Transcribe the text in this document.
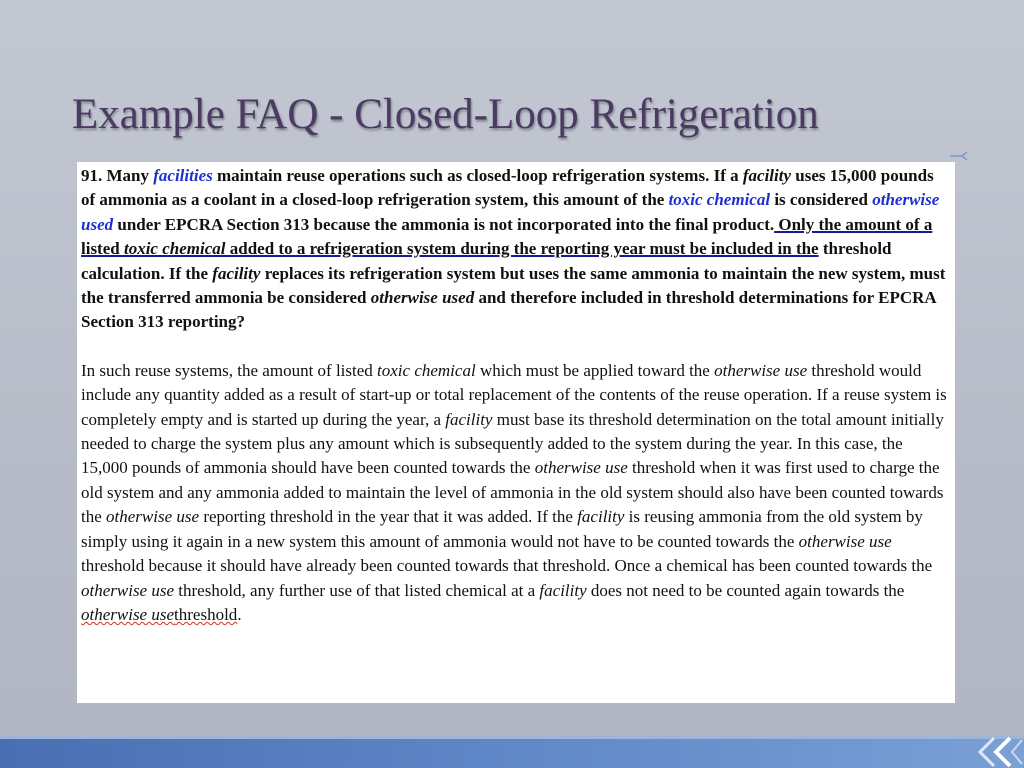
Example FAQ - Closed-Loop Refrigeration

91. Many facilities maintain reuse operations such as closed-loop refrigeration systems. If a facility uses 15,000 pounds of ammonia as a coolant in a closed-loop refrigeration system, this amount of the toxic chemical is considered otherwise used under EPCRA Section 313 because the ammonia is not incorporated into the final product. Only the amount of a listed toxic chemical added to a refrigeration system during the reporting year must be included in the threshold calculation. If the facility replaces its refrigeration system but uses the same ammonia to maintain the new system, must the transferred ammonia be considered otherwise used and therefore included in threshold determinations for EPCRA Section 313 reporting?

In such reuse systems, the amount of listed toxic chemical which must be applied toward the otherwise use threshold would include any quantity added as a result of start-up or total replacement of the contents of the reuse operation. If a reuse system is completely empty and is started up during the year, a facility must base its threshold determination on the total amount initially needed to charge the system plus any amount which is subsequently added to the system during the year. In this case, the 15,000 pounds of ammonia should have been counted towards the otherwise use threshold when it was first used to charge the old system and any ammonia added to maintain the level of ammonia in the old system should also have been counted towards the otherwise use reporting threshold in the year that it was added. If the facility is reusing ammonia from the old system by simply using it again in a new system this amount of ammonia would not have to be counted towards the otherwise use threshold because it should have already been counted towards that threshold. Once a chemical has been counted towards the otherwise use threshold, any further use of that listed chemical at a facility does not need to be counted again towards the otherwise usethreshold.
